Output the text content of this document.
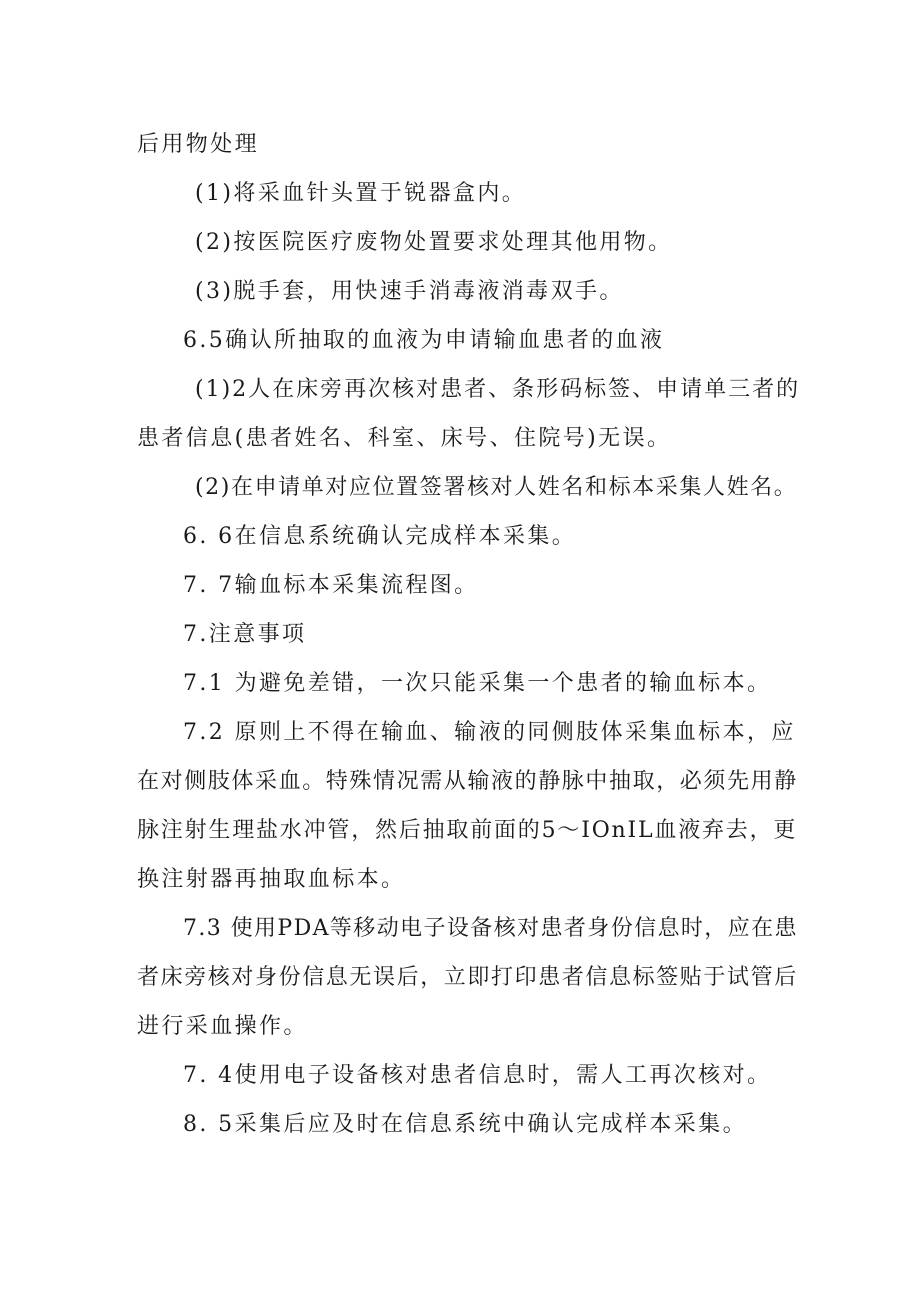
后用物处理
(1)将采血针头置于锐器盒内。
(2)按医院医疗废物处置要求处理其他用物。
(3)脱手套，用快速手消毒液消毒双手。
6.5确认所抽取的血液为申请输血患者的血液
(1)2人在床旁再次核对患者、条形码标签、申请单三者的
患者信息(患者姓名、科室、床号、住院号)无误。
(2)在申请单对应位置签署核对人姓名和标本采集人姓名。
6. 6在信息系统确认完成样本采集。
7. 7输血标本采集流程图。
7.注意事项
7.1 为避免差错，一次只能采集一个患者的输血标本。
7.2 原则上不得在输血、输液的同侧肢体采集血标本，应
在对侧肢体采血。特殊情况需从输液的静脉中抽取，必须先用静
脉注射生理盐水冲管，然后抽取前面的5～IOnIL血液弃去，更
换注射器再抽取血标本。
7.3 使用PDA等移动电子设备核对患者身份信息时，应在患
者床旁核对身份信息无误后，立即打印患者信息标签贴于试管后
进行采血操作。
7. 4使用电子设备核对患者信息时，需人工再次核对。
8. 5采集后应及时在信息系统中确认完成样本采集。
